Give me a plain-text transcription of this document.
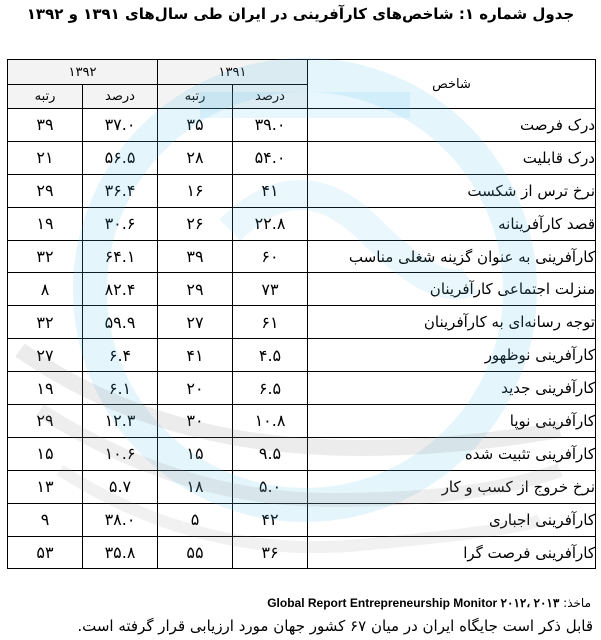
جدول شماره ۱: شاخص‌های کارآفرینی در ایران طی سال‌های ۱۳۹۱ و ۱۳۹۲
شاخص	۱۳۹۱		۱۳۹۲	
	درصد	رتبه	درصد	رتبه
درک فرصت	۳۹.۰	۳۵	۳۷.۰	۳۹
درک قابلیت	۵۴.۰	۲۸	۵۶.۵	۲۱
نرخ ترس از شکست	۴۱	۱۶	۳۶.۴	۲۹
قصد کارآفرینانه	۲۲.۸	۲۶	۳۰.۶	۱۹
کارآفرینی به عنوان گزینه شغلی مناسب	۶۰	۳۹	۶۴.۱	۳۲
منزلت اجتماعی کارآفرینان	۷۳	۲۹	۸۲.۴	۸
توجه رسانه‌ای به کارآفرینان	۶۱	۲۷	۵۹.۹	۳۲
کارآفرینی نوظهور	۴.۵	۴۱	۶.۴	۲۷
کارآفرینی جدید	۶.۵	۲۰	۶.۱	۱۹
کارآفرینی نوپا	۱۰.۸	۳۰	۱۲.۳	۲۹
کارآفرینی تثبیت شده	۹.۵	۱۵	۱۰.۶	۱۵
نرخ خروج از کسب و کار	۵.۰	۱۸	۵.۷	۱۳
کارآفرینی اجباری	۴۲	۵	۳۸.۰	۹
کارآفرینی فرصت گرا	۳۶	۵۵	۳۵.۸	۵۳
ماخذ: Global Report Entrepreneurship Monitor ۲۰۱۲، ۲۰۱۳
قابل ذکر است جایگاه ایران در میان ۶۷ کشور جهان مورد ارزیابی قرار گرفته است.
